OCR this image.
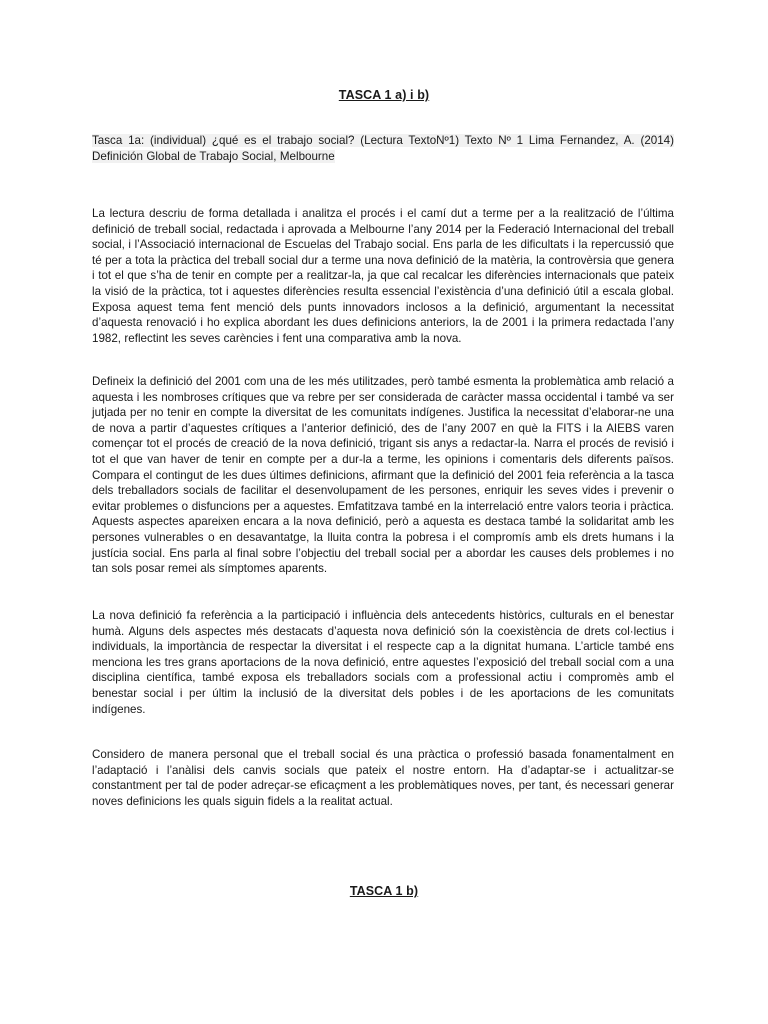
TASCA 1 a) i b)
Tasca 1a: (individual) ¿qué es el trabajo social? (Lectura TextoNº1) Texto Nº 1 Lima Fernandez, A. (2014) Definición Global de Trabajo Social, Melbourne
La lectura descriu de forma detallada i analitza el procés i el camí dut a terme per a la realització de l’última definició de treball social, redactada i aprovada a Melbourne l’any 2014 per la Federació Internacional del treball social, i l’Associació internacional de Escuelas del Trabajo social. Ens parla de les dificultats i la repercussió que té per a tota la pràctica del treball social dur a terme una nova definició de la matèria, la controvèrsia que genera i tot el que s’ha de tenir en compte per a realitzar-la, ja que cal recalcar les diferències internacionals que pateix la visió de la pràctica, tot i aquestes diferències resulta essencial l’existència d’una definició útil a escala global. Exposa aquest tema fent menció dels punts innovadors inclosos a la definició, argumentant la necessitat d’aquesta renovació i ho explica abordant les dues definicions anteriors, la de 2001 i la primera redactada l’any 1982, reflectint les seves carències i fent una comparativa amb la nova.
Defineix la definició del 2001 com una de les més utilitzades, però també esmenta la problemàtica amb relació a aquesta i les nombroses crítiques que va rebre per ser considerada de caràcter massa occidental i també va ser jutjada per no tenir en compte la diversitat de les comunitats indígenes. Justifica la necessitat d’elaborar-ne una de nova a partir d’aquestes crítiques a l’anterior definició, des de l’any 2007 en què la FITS i la AIEBS varen començar tot el procés de creació de la nova definició, trigant sis anys a redactar-la. Narra el procés de revisió i tot el que van haver de tenir en compte per a dur-la a terme, les opinions i comentaris dels diferents països. Compara el contingut de les dues últimes definicions, afirmant que la definició del 2001 feia referència a la tasca dels treballadors socials de facilitar el desenvolupament de les persones, enriquir les seves vides i prevenir o evitar problemes o disfuncions per a aquestes. Emfatitzava també en la interrelació entre valors teoria i pràctica. Aquests aspectes apareixen encara a la nova definició, però a aquesta es destaca també la solidaritat amb les persones vulnerables o en desavantatge, la lluita contra la pobresa i el compromís amb els drets humans i la justícia social. Ens parla al final sobre l’objectiu del treball social per a abordar les causes dels problemes i no tan sols posar remei als símptomes aparents.
La nova definició fa referència a la participació i influència dels antecedents històrics, culturals en el benestar humà. Alguns dels aspectes més destacats d’aquesta nova definició són la coexistència de drets col·lectius i individuals, la importància de respectar la diversitat i el respecte cap a la dignitat humana. L’article també ens menciona les tres grans aportacions de la nova definició, entre aquestes l’exposició del treball social com a una disciplina científica, també exposa els treballadors socials com a professional actiu i compromès amb el benestar social i per últim la inclusió de la diversitat dels pobles i de les aportacions de les comunitats indígenes.
Considero de manera personal que el treball social és una pràctica o professió basada fonamentalment en l’adaptació i l’anàlisi dels canvis socials que pateix el nostre entorn. Ha d’adaptar-se i actualitzar-se constantment per tal de poder adreçar-se eficaçment a les problemàtiques noves, per tant, és necessari generar noves definicions les quals siguin fidels a la realitat actual.
TASCA 1 b)
